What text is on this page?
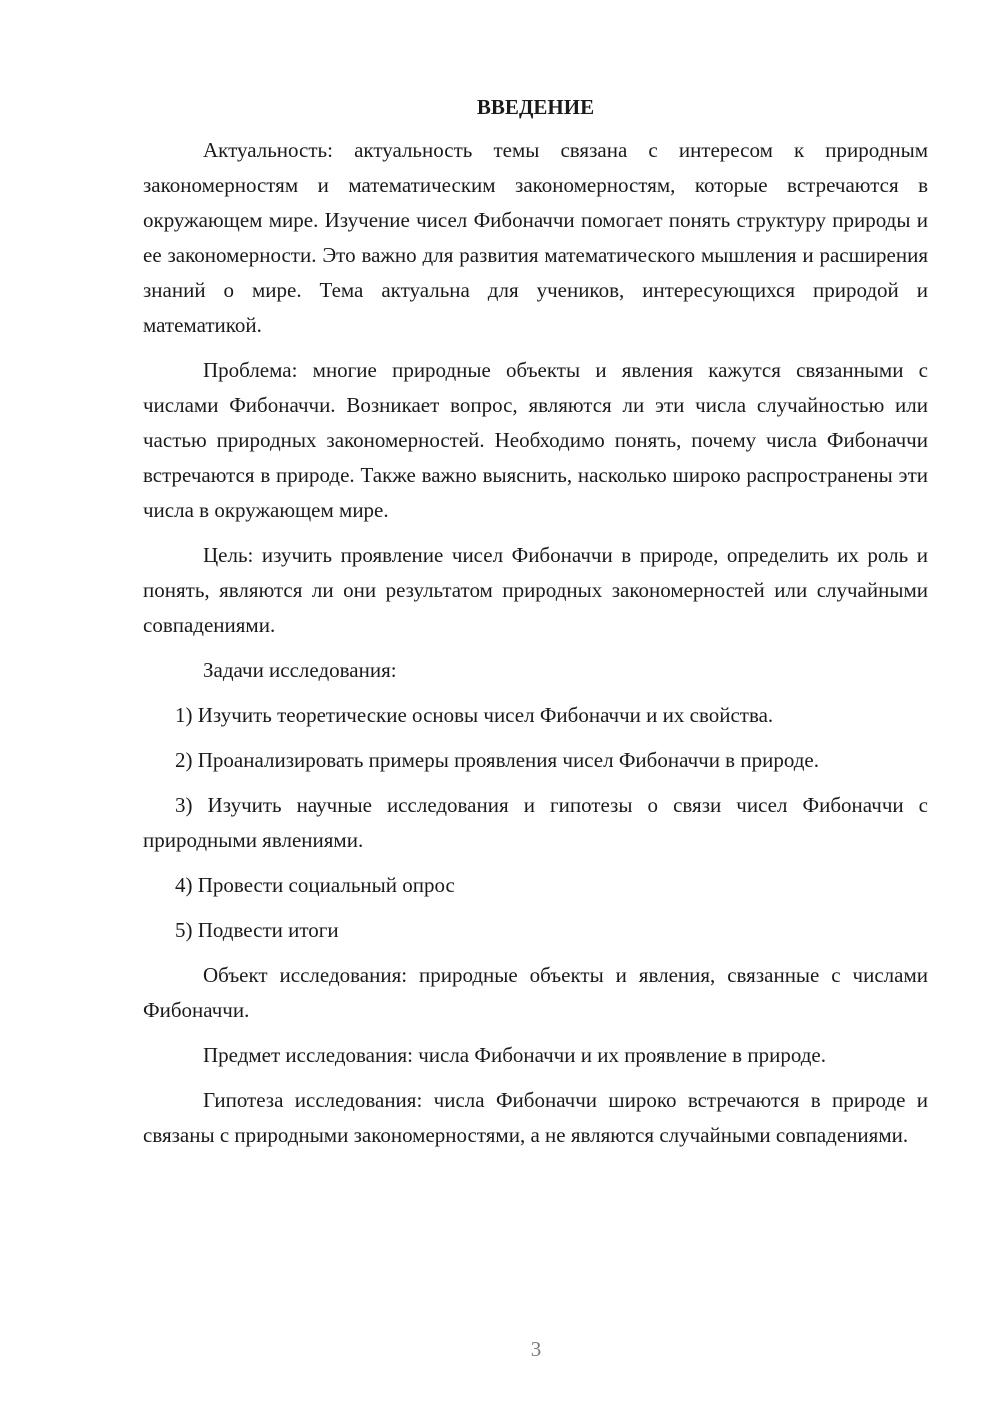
ВВЕДЕНИЕ

Актуальность: актуальность темы связана с интересом к природным закономерностям и математическим закономерностям, которые встречаются в окружающем мире. Изучение чисел Фибоначчи помогает понять структуру природы и ее закономерности. Это важно для развития математического мышления и расширения знаний о мире. Тема актуальна для учеников, интересующихся природой и математикой.

Проблема: многие природные объекты и явления кажутся связанными с числами Фибоначчи. Возникает вопрос, являются ли эти числа случайностью или частью природных закономерностей. Необходимо понять, почему числа Фибоначчи встречаются в природе. Также важно выяснить, насколько широко распространены эти числа в окружающем мире.

Цель: изучить проявление чисел Фибоначчи в природе, определить их роль и понять, являются ли они результатом природных закономерностей или случайными совпадениями.

Задачи исследования:

1) Изучить теоретические основы чисел Фибоначчи и их свойства.

2) Проанализировать примеры проявления чисел Фибоначчи в природе.

3) Изучить научные исследования и гипотезы о связи чисел Фибоначчи с природными явлениями.

4) Провести социальный опрос

5) Подвести итоги

Объект исследования: природные объекты и явления, связанные с числами Фибоначчи.

Предмет исследования: числа Фибоначчи и их проявление в природе.

Гипотеза исследования: числа Фибоначчи широко встречаются в природе и связаны с природными закономерностями, а не являются случайными совпадениями.

3
